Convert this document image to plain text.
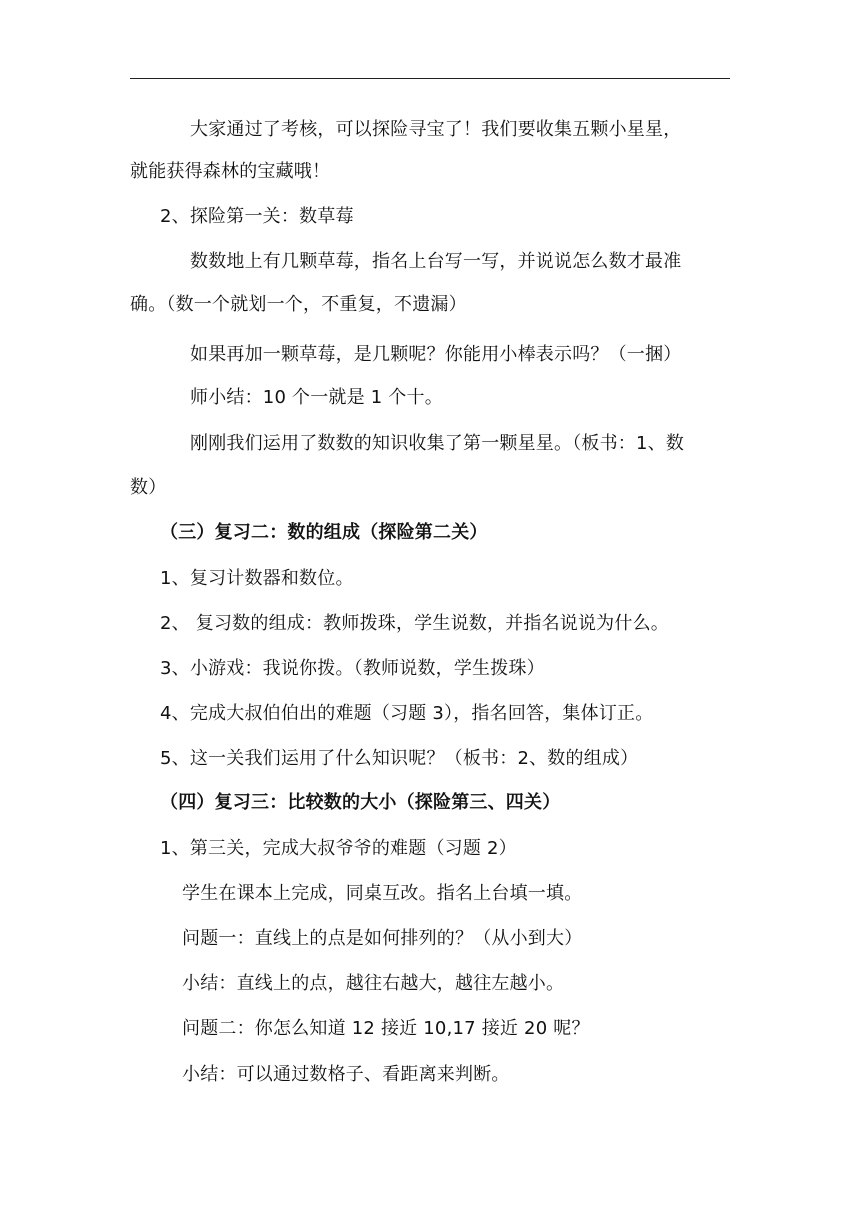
大家通过了考核，可以探险寻宝了！我们要收集五颗小星星，
就能获得森林的宝藏哦！
2、探险第一关：数草莓
数数地上有几颗草莓，指名上台写一写，并说说怎么数才最准
确。（数一个就划一个，不重复，不遗漏）
如果再加一颗草莓，是几颗呢？你能用小棒表示吗？（一捆）
师小结：10 个一就是 1 个十。
刚刚我们运用了数数的知识收集了第一颗星星。（板书：1、数
数）
（三）复习二：数的组成（探险第二关）
1、复习计数器和数位。
2、 复习数的组成：教师拨珠，学生说数，并指名说说为什么。
3、小游戏：我说你拨。（教师说数，学生拨珠）
4、完成大叔伯伯出的难题（习题 3），指名回答，集体订正。
5、这一关我们运用了什么知识呢？（板书：2、数的组成）
（四）复习三：比较数的大小（探险第三、四关）
1、第三关，完成大叔爷爷的难题（习题 2）
学生在课本上完成，同桌互改。指名上台填一填。
问题一：直线上的点是如何排列的？（从小到大）
小结：直线上的点，越往右越大，越往左越小。
问题二：你怎么知道 12 接近 10,17 接近 20 呢？
小结：可以通过数格子、看距离来判断。
